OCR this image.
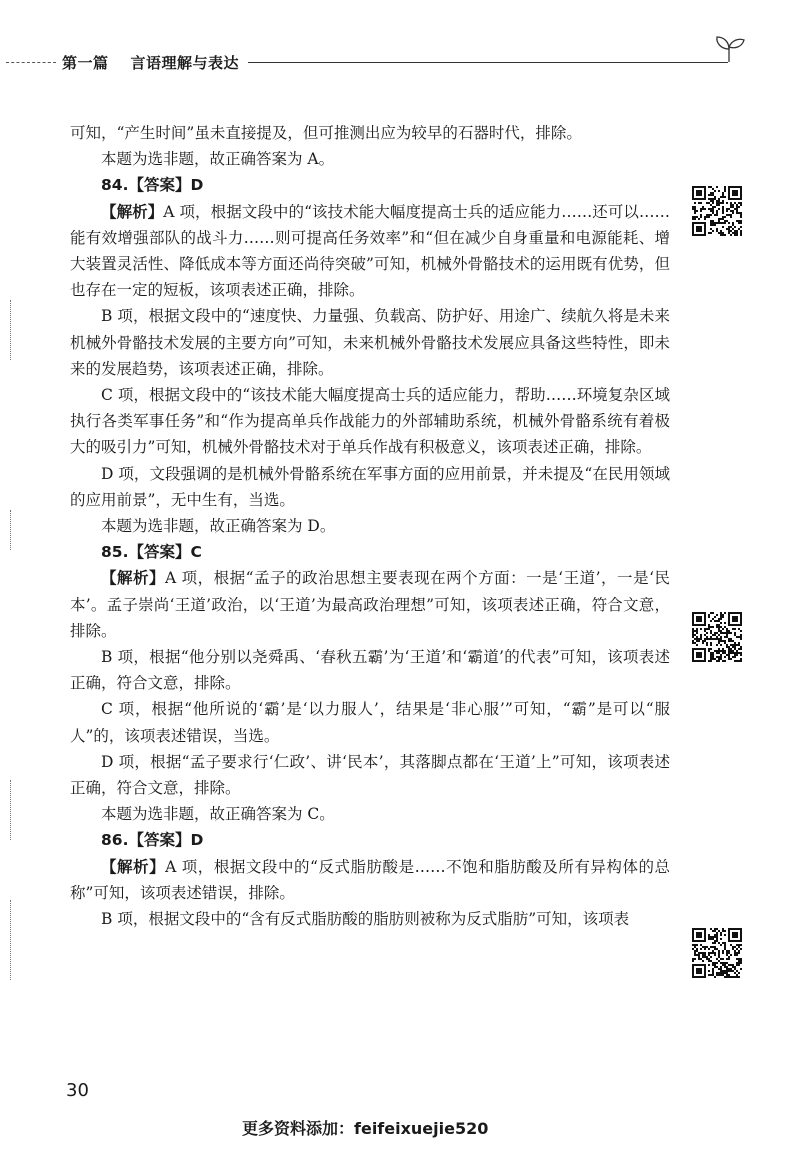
第一篇 言语理解与表达

可知，“产生时间”虽未直接提及，但可推测出应为较早的石器时代，排除。

本题为选非题，故正确答案为 A。

84.【答案】D

【解析】A 项，根据文段中的“该技术能大幅度提高士兵的适应能力……还可以……能有效增强部队的战斗力……则可提高任务效率”和“但在减少自身重量和电源能耗、增大装置灵活性、降低成本等方面还尚待突破”可知，机械外骨骼技术的运用既有优势，但也存在一定的短板，该项表述正确，排除。

B 项，根据文段中的“速度快、力量强、负载高、防护好、用途广、续航久将是未来机械外骨骼技术发展的主要方向”可知，未来机械外骨骼技术发展应具备这些特性，即未来的发展趋势，该项表述正确，排除。

C 项，根据文段中的“该技术能大幅度提高士兵的适应能力，帮助……环境复杂区域执行各类军事任务”和“作为提高单兵作战能力的外部辅助系统，机械外骨骼系统有着极大的吸引力”可知，机械外骨骼技术对于单兵作战有积极意义，该项表述正确，排除。

D 项，文段强调的是机械外骨骼系统在军事方面的应用前景，并未提及“在民用领域的应用前景”，无中生有，当选。

本题为选非题，故正确答案为 D。

85.【答案】C

【解析】A 项，根据“孟子的政治思想主要表现在两个方面：一是‘王道’，一是‘民本’。孟子崇尚‘王道’政治，以‘王道’为最高政治理想”可知，该项表述正确，符合文意，排除。

B 项，根据“他分别以尧舜禹、‘春秋五霸’为‘王道’和‘霸道’的代表”可知，该项表述正确，符合文意，排除。

C 项，根据“他所说的‘霸’是‘以力服人’，结果是‘非心服’”可知，“霸”是可以“服人”的，该项表述错误，当选。

D 项，根据“孟子要求行‘仁政’、讲‘民本’，其落脚点都在‘王道’上”可知，该项表述正确，符合文意，排除。

本题为选非题，故正确答案为 C。

86.【答案】D

【解析】A 项，根据文段中的“反式脂肪酸是……不饱和脂肪酸及所有异构体的总称”可知，该项表述错误，排除。

B 项，根据文段中的“含有反式脂肪酸的脂肪则被称为反式脂肪”可知，该项表

30
更多资料添加：feifeixuejie520
